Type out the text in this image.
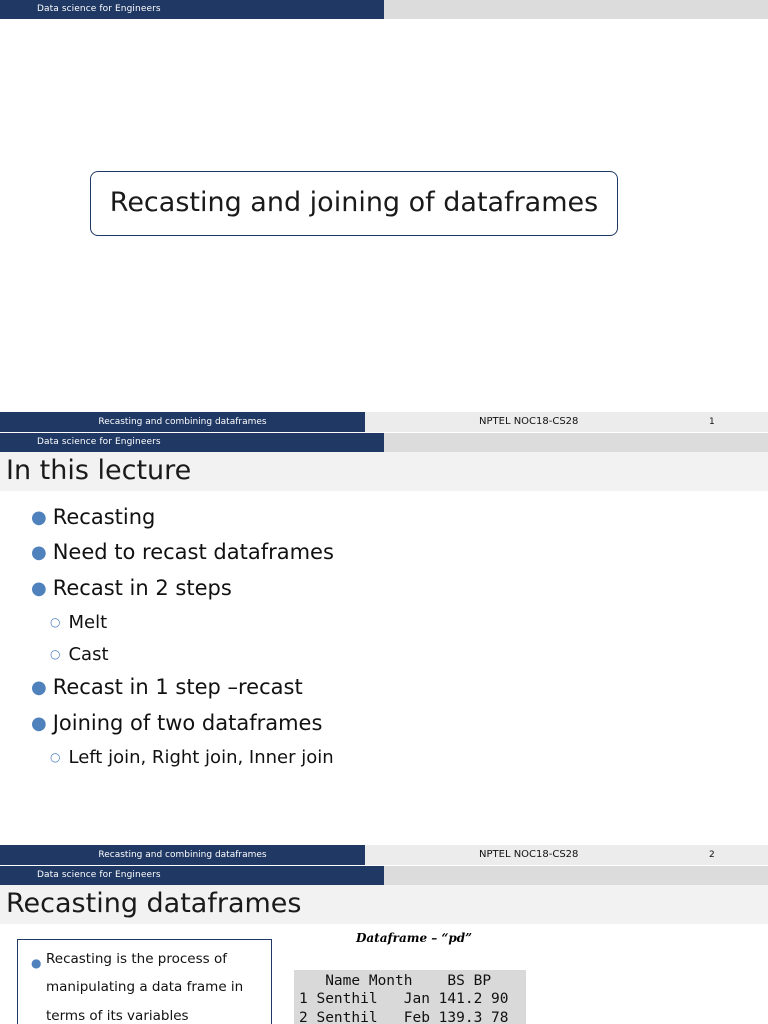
Data science for Engineers
Recasting and joining of dataframes
Recasting and combining dataframes	NPTEL NOC18-CS28	1
Data science for Engineers
In this lecture
● Recasting
● Need to recast dataframes
● Recast in 2 steps
○ Melt
○ Cast
● Recast in 1 step –recast
● Joining of two dataframes
○ Left join, Right join, Inner join
Recasting and combining dataframes	NPTEL NOC18-CS28	2
Data science for Engineers
Recasting dataframes
● Recasting is the process of
manipulating a data frame in
terms of its variables
Dataframe – “pd”
Name Month    BS BP
1 Senthil   Jan 141.2 90
2 Senthil   Feb 139.3 78
